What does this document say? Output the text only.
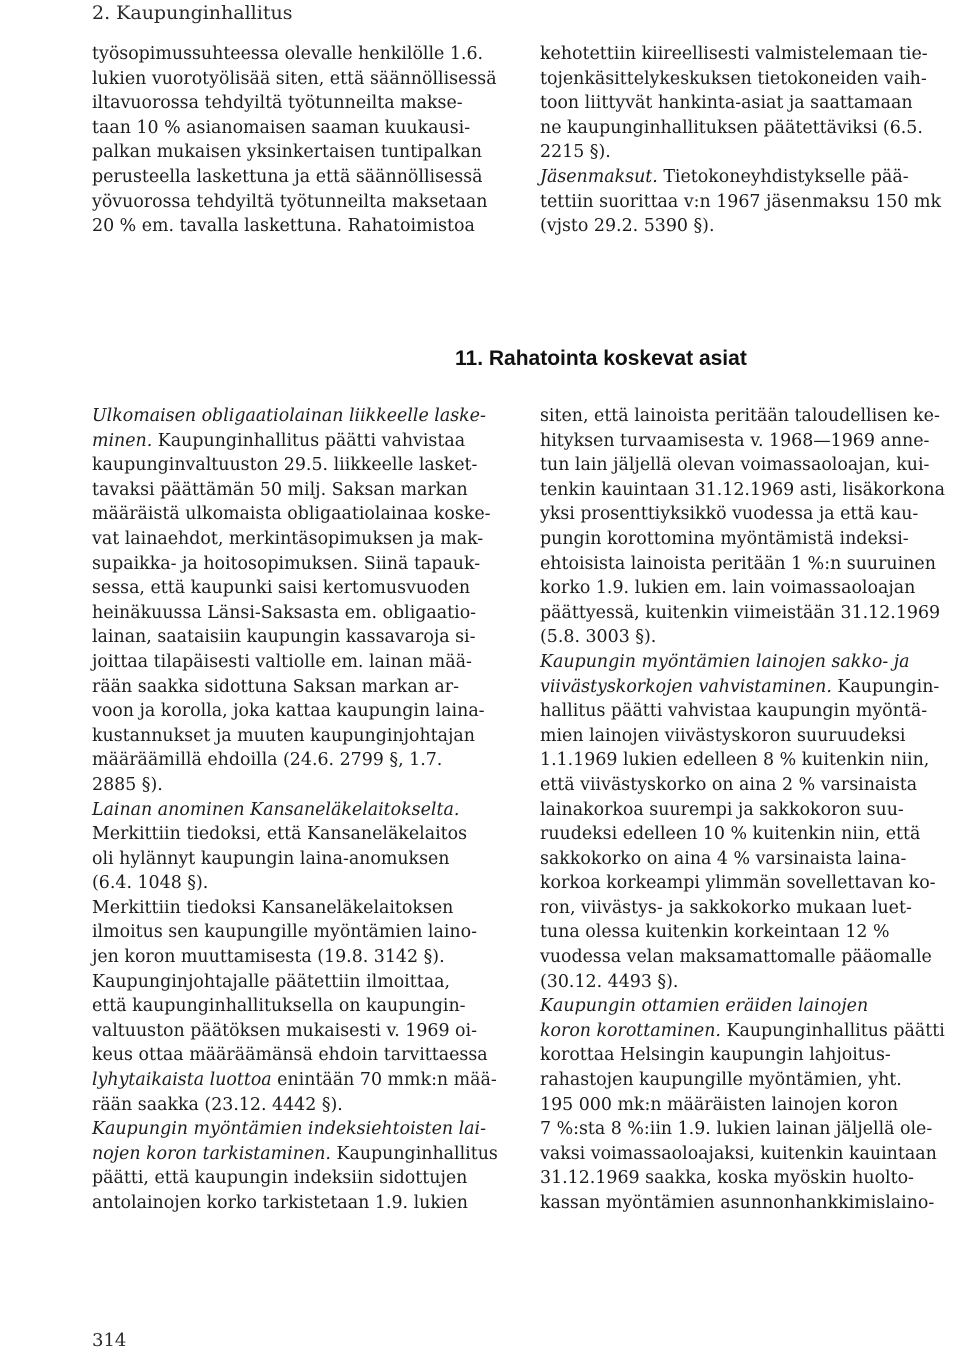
2. Kaupunginhallitus
työsopimussuhteessa olevalle henkilölle 1.6.
lukien vuorotyölisää siten, että säännöllisessä
iltavuorossa tehdyiltä työtunneilta makse-
taan 10 % asianomaisen saaman kuukausi-
palkan mukaisen yksinkertaisen tuntipalkan
perusteella laskettuna ja että säännöllisessä
yövuorossa tehdyiltä työtunneilta maksetaan
20 % em. tavalla laskettuna. Rahatoimistoa
kehotettiin kiireellisesti valmistelemaan tie-
tojenkäsittelykeskuksen tietokoneiden vaih-
toon liittyvät hankinta-asiat ja saattamaan
ne kaupunginhallituksen päätettäviksi (6.5.
2215 §).
Jäsenmaksut. Tietokoneyhdistykselle pää-
tettiin suorittaa v:n 1967 jäsenmaksu 150 mk
(vjsto 29.2. 5390 §).
11. Rahatointa koskevat asiat
Ulkomaisen obligaatiolainan liikkeelle laske-
minen. Kaupunginhallitus päätti vahvistaa
kaupunginvaltuuston 29.5. liikkeelle lasket-
tavaksi päättämän 50 milj. Saksan markan
määräistä ulkomaista obligaatiolainaa koske-
vat lainaehdot, merkintäsopimuksen ja mak-
supaikka- ja hoitosopimuksen. Siinä tapauk-
sessa, että kaupunki saisi kertomusvuoden
heinäkuussa Länsi-Saksasta em. obligaatio-
lainan, saataisiin kaupungin kassavaroja si-
joittaa tilapäisesti valtiolle em. lainan mää-
rään saakka sidottuna Saksan markan ar-
voon ja korolla, joka kattaa kaupungin laina-
kustannukset ja muuten kaupunginjohtajan
määräämillä ehdoilla (24.6. 2799 §, 1.7.
2885 §).
Lainan anominen Kansaneläkelaitokselta.
Merkittiin tiedoksi, että Kansaneläkelaitos
oli hylännyt kaupungin laina-anomuksen
(6.4. 1048 §).
Merkittiin tiedoksi Kansaneläkelaitoksen
ilmoitus sen kaupungille myöntämien laino-
jen koron muuttamisesta (19.8. 3142 §).
Kaupunginjohtajalle päätettiin ilmoittaa,
että kaupunginhallituksella on kaupungin-
valtuuston päätöksen mukaisesti v. 1969 oi-
keus ottaa määräämänsä ehdoin tarvittaessa
lyhytaikaista luottoa enintään 70 mmk:n mää-
rään saakka (23.12. 4442 §).
Kaupungin myöntämien indeksiehtoisten lai-
nojen koron tarkistaminen. Kaupunginhallitus
päätti, että kaupungin indeksiin sidottujen
antolainojen korko tarkistetaan 1.9. lukien
siten, että lainoista peritään taloudellisen ke-
hityksen turvaamisesta v. 1968—1969 anne-
tun lain jäljellä olevan voimassaoloajan, kui-
tenkin kauintaan 31.12.1969 asti, lisäkorkona
yksi prosenttiyksikkö vuodessa ja että kau-
pungin korottomina myöntämistä indeksi-
ehtoisista lainoista peritään 1 %:n suuruinen
korko 1.9. lukien em. lain voimassaoloajan
päättyessä, kuitenkin viimeistään 31.12.1969
(5.8. 3003 §).
Kaupungin myöntämien lainojen sakko- ja
viivästyskorkojen vahvistaminen. Kaupungin-
hallitus päätti vahvistaa kaupungin myöntä-
mien lainojen viivästyskoron suuruudeksi
1.1.1969 lukien edelleen 8 % kuitenkin niin,
että viivästyskorko on aina 2 % varsinaista
lainakorkoa suurempi ja sakkokoron suu-
ruudeksi edelleen 10 % kuitenkin niin, että
sakkokorko on aina 4 % varsinaista laina-
korkoa korkeampi ylimmän sovellettavan ko-
ron, viivästys- ja sakkokorko mukaan luet-
tuna olessa kuitenkin korkeintaan 12 %
vuodessa velan maksamattomalle pääomalle
(30.12. 4493 §).
Kaupungin ottamien eräiden lainojen
koron korottaminen. Kaupunginhallitus päätti
korottaa Helsingin kaupungin lahjoitus-
rahastojen kaupungille myöntämien, yht.
195 000 mk:n määräisten lainojen koron
7 %:sta 8 %:iin 1.9. lukien lainan jäljellä ole-
vaksi voimassaoloajaksi, kuitenkin kauintaan
31.12.1969 saakka, koska myöskin huolto-
kassan myöntämien asunnonhankkimislaino-
314
